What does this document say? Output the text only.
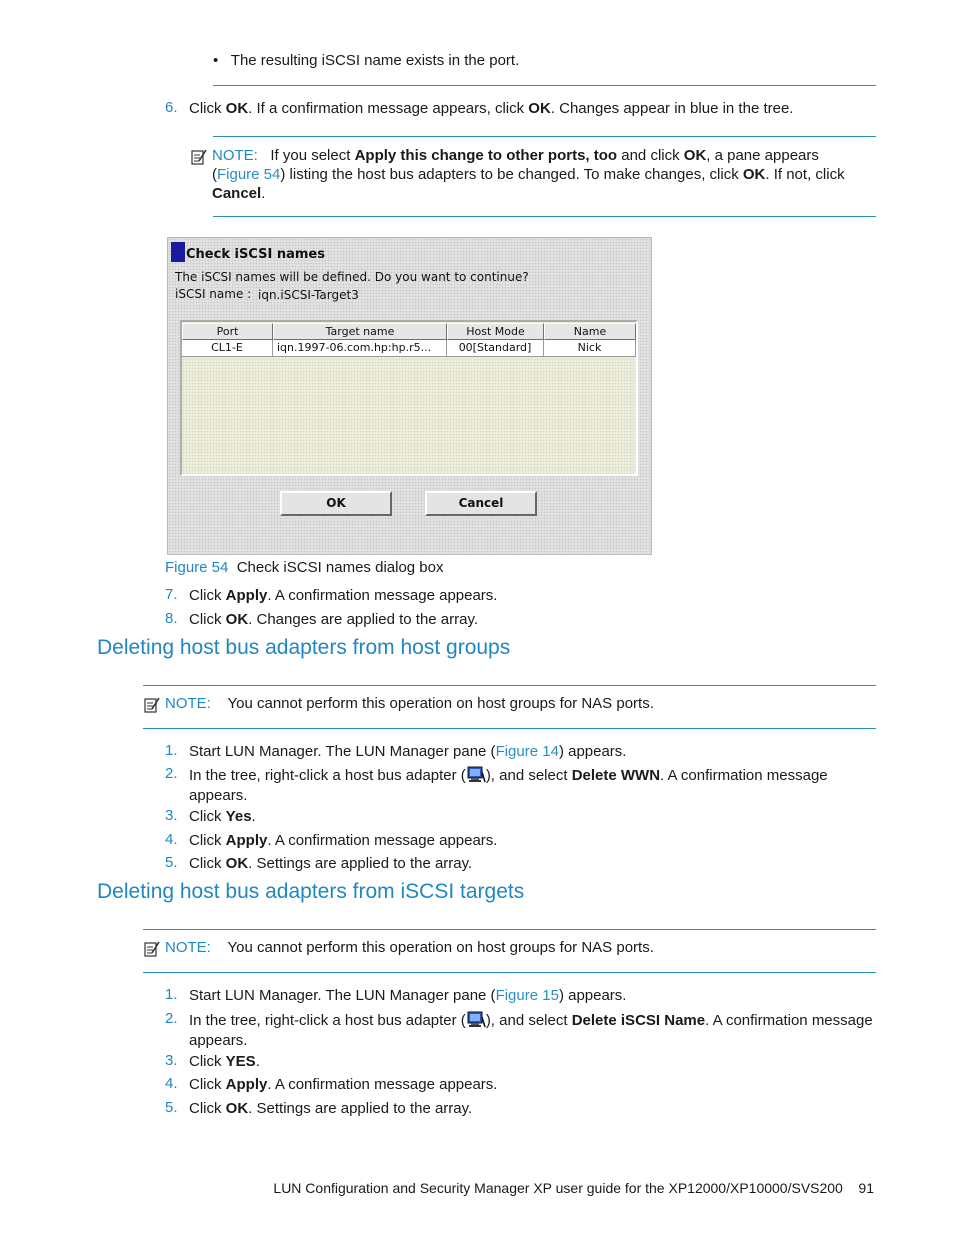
• The resulting iSCSI name exists in the port.
6. Click OK. If a confirmation message appears, click OK. Changes appear in blue in the tree.
NOTE: If you select Apply this change to other ports, too and click OK, a pane appears
(Figure 54) listing the host bus adapters to be changed. To make changes, click OK. If not, click
Cancel.
Check iSCSI names
The iSCSI names will be defined. Do you want to continue?
iSCSI name : iqn.iSCSI-Target3
Port	Target name	Host Mode	Name
CL1-E	iqn.1997-06.com.hp:hp.r5...	00[Standard]	Nick
OK	Cancel
Figure 54 Check iSCSI names dialog box
7. Click Apply. A confirmation message appears.
8. Click OK. Changes are applied to the array.
Deleting host bus adapters from host groups
NOTE: You cannot perform this operation on host groups for NAS ports.
1. Start LUN Manager. The LUN Manager pane (Figure 14) appears.
2. In the tree, right-click a host bus adapter ( ), and select Delete WWN. A confirmation message
appears.
3. Click Yes.
4. Click Apply. A confirmation message appears.
5. Click OK. Settings are applied to the array.
Deleting host bus adapters from iSCSI targets
NOTE: You cannot perform this operation on host groups for NAS ports.
1. Start LUN Manager. The LUN Manager pane (Figure 15) appears.
2. In the tree, right-click a host bus adapter ( ), and select Delete iSCSI Name. A confirmation message
appears.
3. Click YES.
4. Click Apply. A confirmation message appears.
5. Click OK. Settings are applied to the array.
LUN Configuration and Security Manager XP user guide for the XP12000/XP10000/SVS200 91
